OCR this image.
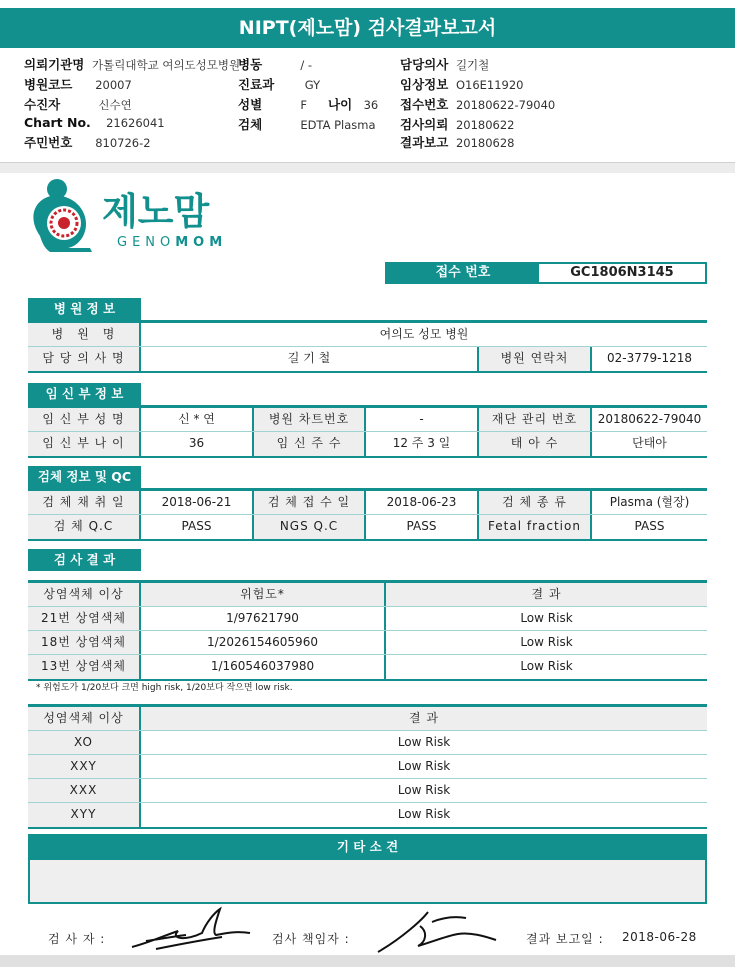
NIPT(제노맘) 검사결과보고서
의뢰기관명 가톨릭대학교 여의도성모병원
병원코드 20007
수진자	신수연
Chart No. 21626041
주민번호 810726-2
병동	/ -
진료과	GY
성별	F 나이 36
검체	EDTA Plasma
담당의사 길기철
임상정보 O16E11920
접수번호 20180622-79040
검사의뢰 20180622
결과보고 20180628
제노맘
GENOMOM
접수 번호	GC1806N3145
병 원 정 보
병　원　명	여의도 성모 병원
담 당 의 사 명	길 기 철	병원 연락처	02-3779-1218
임 신 부 정 보
임 신 부 성 명	신 * 연	병원 차트번호	-	재단 관리 번호	20180622-79040
임 신 부 나 이	36	임 신 주 수	12 주 3 일	태 아 수	단태아
검체 정보 및 QC
검 체 채 취 일	2018-06-21	검 체 접 수 일	2018-06-23	검 체 종 류	Plasma (혈장)
검 체 Q.C	PASS	NGS Q.C	PASS	Fetal fraction	PASS
검 사 결 과
상염색체 이상	위험도*	결 과
21번 상염색체	1/97621790	Low Risk
18번 상염색체	1/2026154605960	Low Risk
13번 상염색체	1/160546037980	Low Risk
* 위험도가 1/20보다 크면 high risk, 1/20보다 작으면 low risk.
성염색체 이상	결 과
XO	Low Risk
XXY	Low Risk
XXX	Low Risk
XYY	Low Risk
기 타 소 견
검 사 자 :	검사 책임자 :	결과 보고일 : 2018-06-28
